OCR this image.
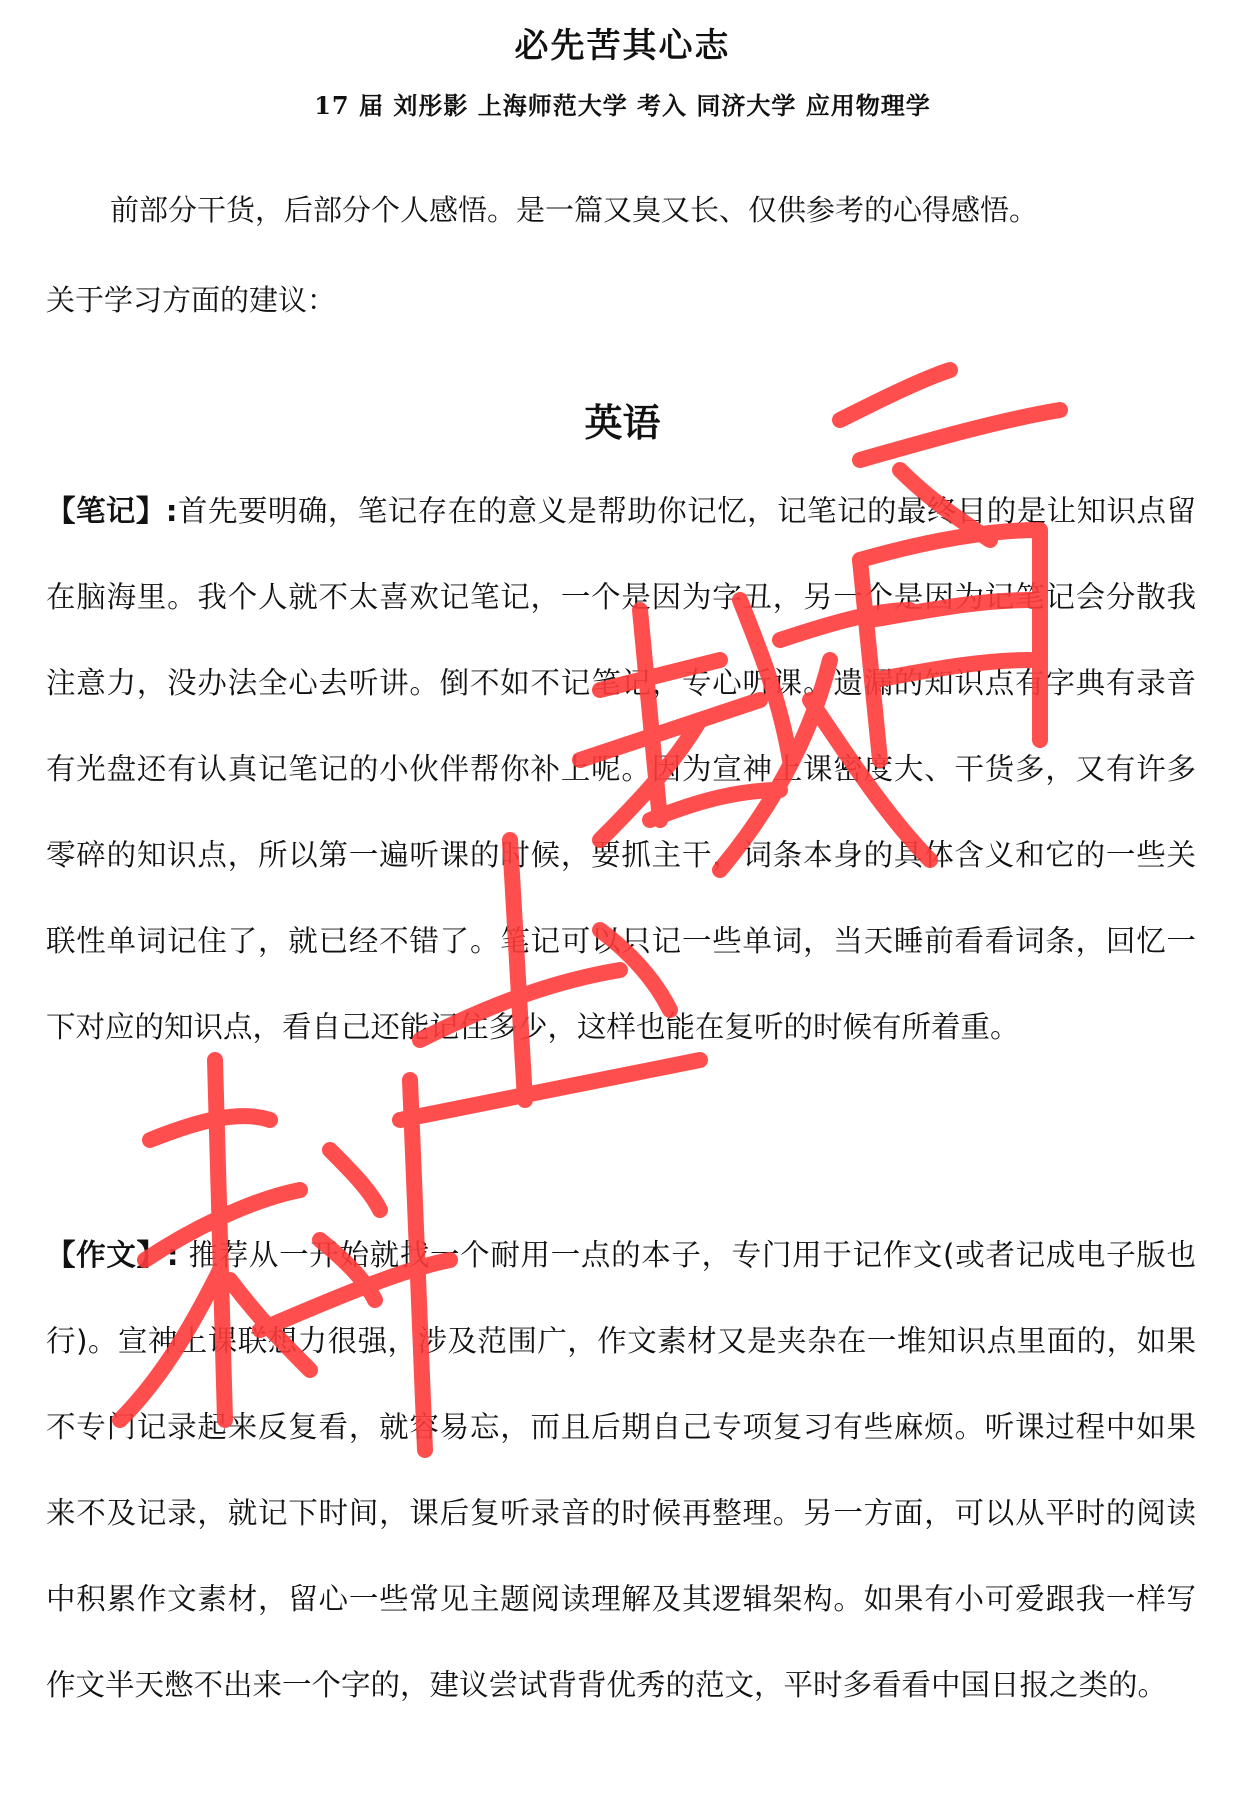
必先苦其心志

17 届 刘彤影 上海师范大学 考入 同济大学 应用物理学

前部分干货，后部分个人感悟。是一篇又臭又长、仅供参考的心得感悟。

关于学习方面的建议：

英语

【笔记】:首先要明确，笔记存在的意义是帮助你记忆，记笔记的最终目的是让知识点留在脑海里。我个人就不太喜欢记笔记，一个是因为字丑，另一个是因为记笔记会分散我注意力，没办法全心去听讲。倒不如不记笔记，专心听课。遗漏的知识点有字典有录音有光盘还有认真记笔记的小伙伴帮你补上呢。因为宣神上课密度大、干货多，又有许多零碎的知识点，所以第一遍听课的时候，要抓主干，词条本身的具体含义和它的一些关联性单词记住了，就已经不错了。笔记可以只记一些单词，当天睡前看看词条，回忆一下对应的知识点，看自己还能记住多少，这样也能在复听的时候有所着重。

【作文】: 推荐从一开始就找一个耐用一点的本子，专门用于记作文(或者记成电子版也行)。宣神上课联想力很强，涉及范围广，作文素材又是夹杂在一堆知识点里面的，如果不专门记录起来反复看，就容易忘，而且后期自己专项复习有些麻烦。听课过程中如果来不及记录，就记下时间，课后复听录音的时候再整理。另一方面，可以从平时的阅读中积累作文素材，留心一些常见主题阅读理解及其逻辑架构。如果有小可爱跟我一样写作文半天憋不出来一个字的，建议尝试背背优秀的范文，平时多看看中国日报之类的。
